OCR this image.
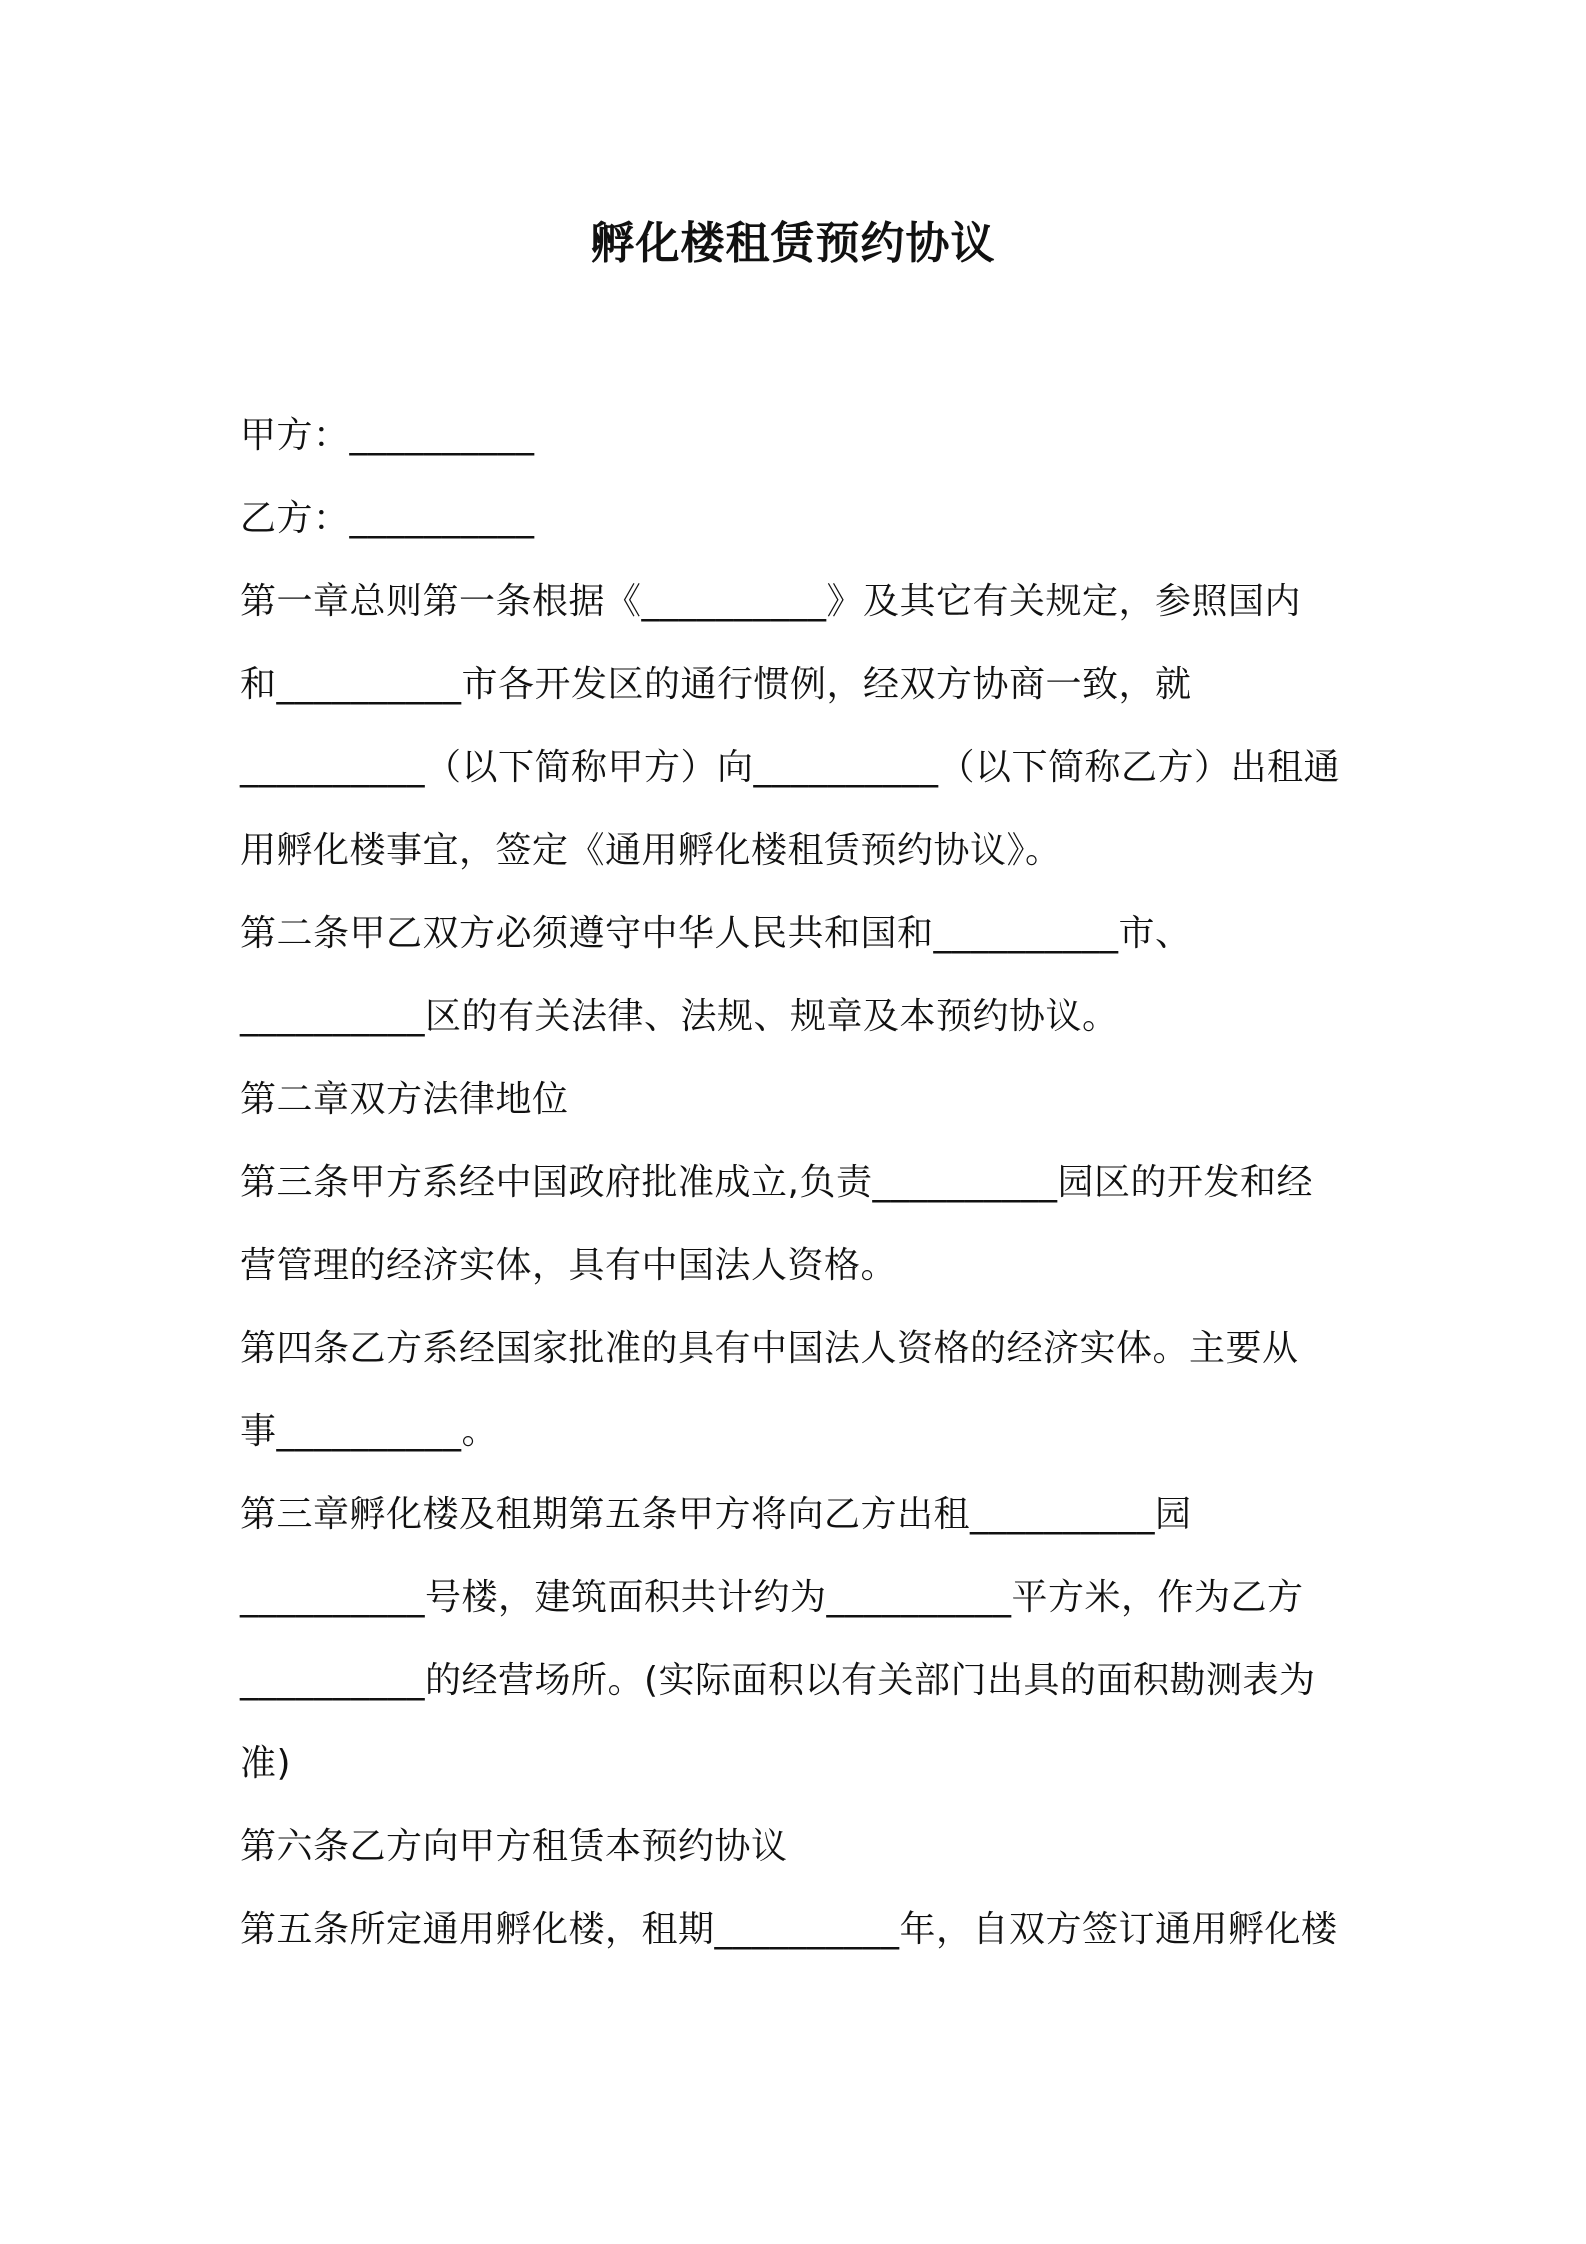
孵化楼租赁预约协议
甲方：__________
乙方：__________
第一章总则第一条根据《__________》及其它有关规定，参照国内
和__________市各开发区的通行惯例，经双方协商一致，就
__________（以下简称甲方）向__________（以下简称乙方）出租通
用孵化楼事宜，签定《通用孵化楼租赁预约协议》。
第二条甲乙双方必须遵守中华人民共和国和__________市、
__________区的有关法律、法规、规章及本预约协议。
第二章双方法律地位
第三条甲方系经中国政府批准成立,负责__________园区的开发和经
营管理的经济实体，具有中国法人资格。
第四条乙方系经国家批准的具有中国法人资格的经济实体。主要从
事__________。
第三章孵化楼及租期第五条甲方将向乙方出租__________园
__________号楼，建筑面积共计约为__________平方米，作为乙方
__________的经营场所。(实际面积以有关部门出具的面积勘测表为
准)
第六条乙方向甲方租赁本预约协议
第五条所定通用孵化楼，租期__________年，自双方签订通用孵化楼
